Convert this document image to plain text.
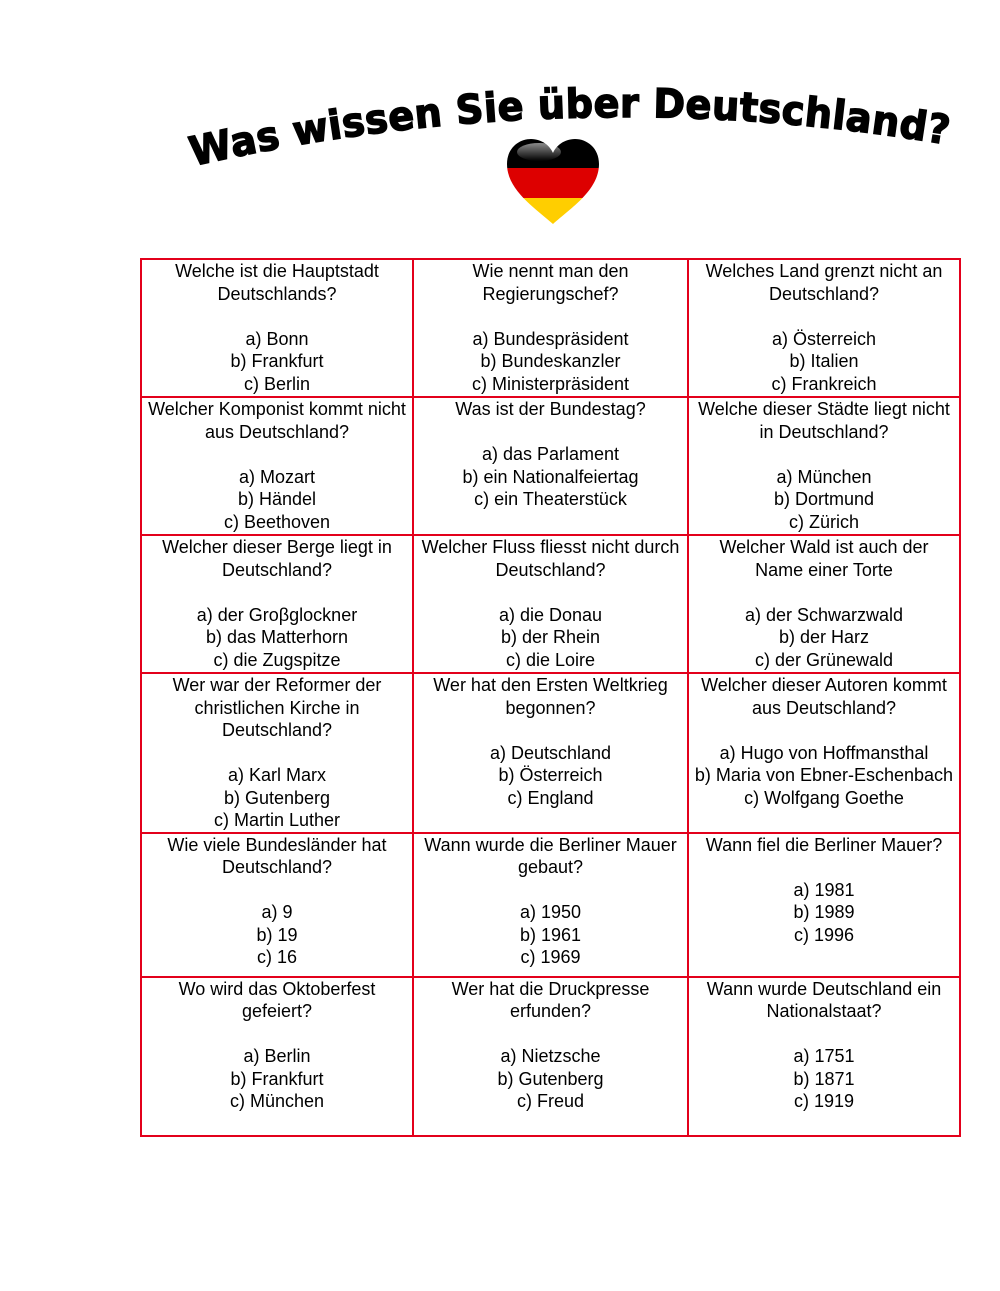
Was wissen Sie über Deutschland?
Welche ist die Hauptstadt Deutschlands?
a) Bonn
b) Frankfurt
c) Berlin	Wie nennt man den Regierungschef?
a) Bundespräsident
b) Bundeskanzler
c) Ministerpräsident	Welches Land grenzt nicht an Deutschland?
a) Österreich
b) Italien
c) Frankreich

Welcher Komponist kommt nicht aus Deutschland?
a) Mozart
b) Händel
c) Beethoven	Was ist der Bundestag?
a) das Parlament
b) ein Nationalfeiertag
c) ein Theaterstück	Welche dieser Städte liegt nicht in Deutschland?
a) München
b) Dortmund
c) Zürich

Welcher dieser Berge liegt in Deutschland?
a) der Groβglockner
b) das Matterhorn
c) die Zugspitze	Welcher Fluss fliesst nicht durch Deutschland?
a) die Donau
b) der Rhein
c) die Loire	Welcher Wald ist auch der Name einer Torte
a) der Schwarzwald
b) der Harz
c) der Grünewald

Wer war der Reformer der christlichen Kirche in Deutschland?
a) Karl Marx
b) Gutenberg
c) Martin Luther	Wer hat den Ersten Weltkrieg begonnen?
a) Deutschland
b) Österreich
c) England	Welcher dieser Autoren kommt aus Deutschland?
a) Hugo von Hoffmansthal
b) Maria von Ebner-Eschenbach
c) Wolfgang Goethe

Wie viele Bundesländer hat Deutschland?
a) 9
b) 19
c) 16	Wann wurde die Berliner Mauer gebaut?
a) 1950
b) 1961
c) 1969	Wann fiel die Berliner Mauer?
a) 1981
b) 1989
c) 1996

Wo wird das Oktoberfest gefeiert?
a) Berlin
b) Frankfurt
c) München	Wer hat die Druckpresse erfunden?
a) Nietzsche
b) Gutenberg
c) Freud	Wann wurde Deutschland ein Nationalstaat?
a) 1751
b) 1871
c) 1919
